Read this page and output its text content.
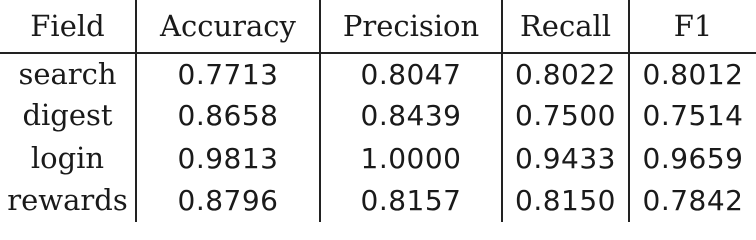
Field	Accuracy	Precision	Recall	F1
search	0.7713	0.8047	0.8022	0.8012
digest	0.8658	0.8439	0.7500	0.7514
login	0.9813	1.0000	0.9433	0.9659
rewards	0.8796	0.8157	0.8150	0.7842
